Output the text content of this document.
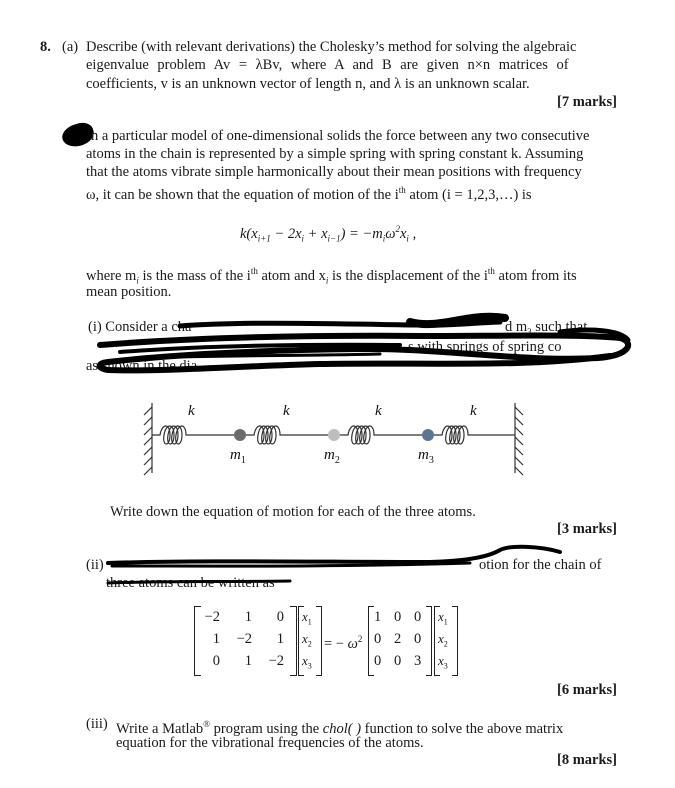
8. (a) Describe (with relevant derivations) the Cholesky’s method for solving the algebraic
eigenvalue problem Av = λBv, where A and B are given n×n matrices of
coefficients, v is an unknown vector of length n, and λ is an unknown scalar.
[7 marks]
n a particular model of one-dimensional solids the force between any two consecutive
atoms in the chain is represented by a simple spring with spring constant k. Assuming
that the atoms vibrate simple harmonically about their mean positions with frequency
ω, it can be shown that the equation of motion of the $i^{th}$ atom (i = 1,2,3,…) is
$k(x_{i+1} - 2x_i + x_{i-1}) = -m_i\omega^2x_i$ ,
where $m_i$ is the mass of the $i^{th}$ atom and $x_i$ is the displacement of the $i^{th}$ atom from its
mean position.
(i) Consider a cha	d $m_3$ such that
s with springs of spring co
as shown in the dia
k	k	k	k
$m_1$	$m_2$	$m_3$
Write down the equation of motion for each of the three atoms.
[3 marks]
(ii)	otion for the chain of
three atoms can be written as
−2	1	0
1	−2	1
0	1	−2
$x_1$
$x_2$
$x_3$
= − $\omega^2$
1 0 0
0 2 0
0 0 3
$x_1$
$x_2$
$x_3$
[6 marks]
(iii) Write a Matlab® program using the chol( ) function to solve the above matrix
equation for the vibrational frequencies of the atoms.
[8 marks]
